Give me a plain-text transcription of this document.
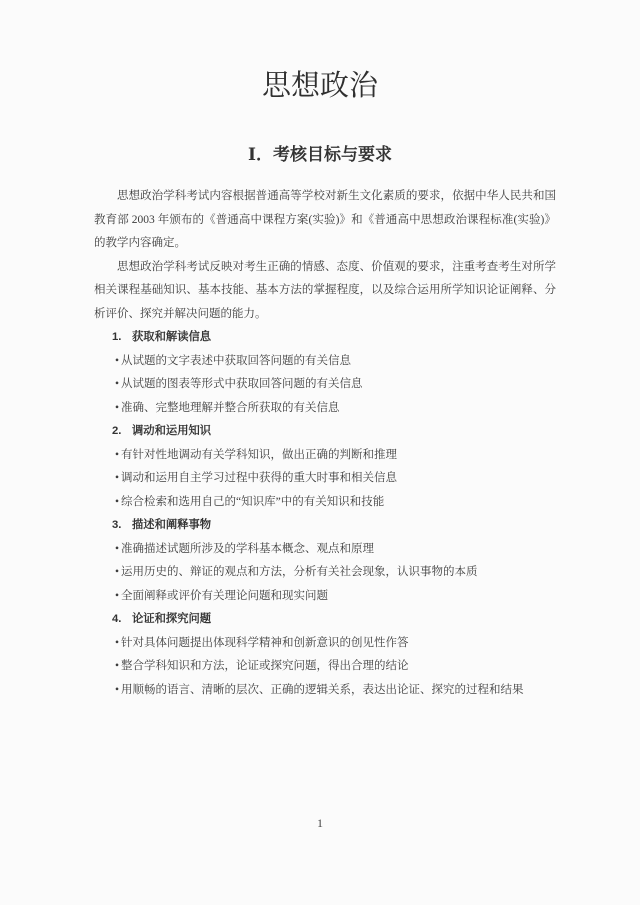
思想政治
Ⅰ．考核目标与要求

思想政治学科考试内容根据普通高等学校对新生文化素质的要求，依据中华人民共和国教育部 2003 年颁布的《普通高中课程方案(实验)》和《普通高中思想政治课程标准(实验)》的教学内容确定。

思想政治学科考试反映对考生正确的情感、态度、价值观的要求，注重考查考生对所学相关课程基础知识、基本技能、基本方法的掌握程度，以及综合运用所学知识论证阐释、分析评价、探究并解决问题的能力。

1. 获取和解读信息
• 从试题的文字表述中获取回答问题的有关信息
• 从试题的图表等形式中获取回答问题的有关信息
• 准确、完整地理解并整合所获取的有关信息
2. 调动和运用知识
• 有针对性地调动有关学科知识，做出正确的判断和推理
• 调动和运用自主学习过程中获得的重大时事和相关信息
• 综合检索和选用自己的“知识库”中的有关知识和技能
3. 描述和阐释事物
• 准确描述试题所涉及的学科基本概念、观点和原理
• 运用历史的、辩证的观点和方法，分析有关社会现象，认识事物的本质
• 全面阐释或评价有关理论问题和现实问题
4. 论证和探究问题
• 针对具体问题提出体现科学精神和创新意识的创见性作答
• 整合学科知识和方法，论证或探究问题，得出合理的结论
• 用顺畅的语言、清晰的层次、正确的逻辑关系，表达出论证、探究的过程和结果
1
